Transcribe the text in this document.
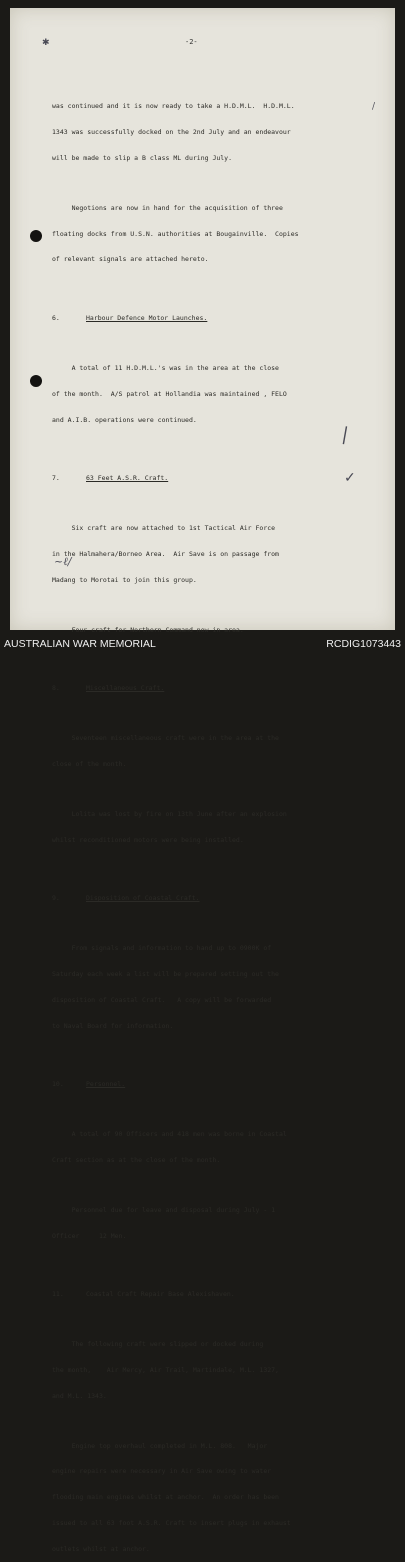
-2-
✱
/
|
✓
~ℓ/

was continued and it is now ready to take a H.D.M.L.  H.D.M.L.

1343 was successfully docked on the 2nd July and an endeavour

will be made to slip a B class ML during July.

Negotions are now in hand for the acquisition of three

floating docks from U.S.N. authorities at Bougainville.  Copies

of relevant signals are attached hereto.

6.	Harbour Defence Motor Launches.

A total of 11 H.D.M.L.'s was in the area at the close

of the month.  A/S patrol at Hollandia was maintained , FELO

and A.I.B. operations were continued.

7.	63 Feet A.S.R. Craft.

Six craft are now attached to 1st Tactical Air Force

in the Halmahera/Borneo Area.  Air Save is on passage from

Madang to Morotai to join this group.

Four craft for Northern Command now in area.

8.	Miscellaneous Craft.

Seventeen miscellaneous craft were in the area at the

close of the month.

Lolita was lost by fire on 13th June after an explosion

whilst reconditioned motors were being installed.

9.	Disposition of Coastal Craft.

From signals and information to hand up to 0900K of

Saturday each week a list will be prepared setting out the

disposition of Coastal Craft.   A copy will be forwarded

to Naval Board for information.

10.	Personnel.

A total of 90 Officers and 418 men was borne in Coastal

Craft section as at the close of the month.

Personnel due for leave and disposal during July - 1

Officer     12 Men.

11.	Coastal Craft Repair Base Alexishaven.

The following craft were slipped or docked during

the month,    Air Mercy, Air Trail, Martindale, M.L. 1327,

and M.L. 1343.

Engine top overhaul completed in M.L. 808.   Major

engine repairs were necessary in Air Save owing to water

flooding main engines whilst at anchor.  An order has been

issued to all 63 foot A.S.R. Craft to insert plugs in exhaust

outlets whilst at anchor.

AUSTRALIAN WAR MEMORIAL	RCDIG1073443
